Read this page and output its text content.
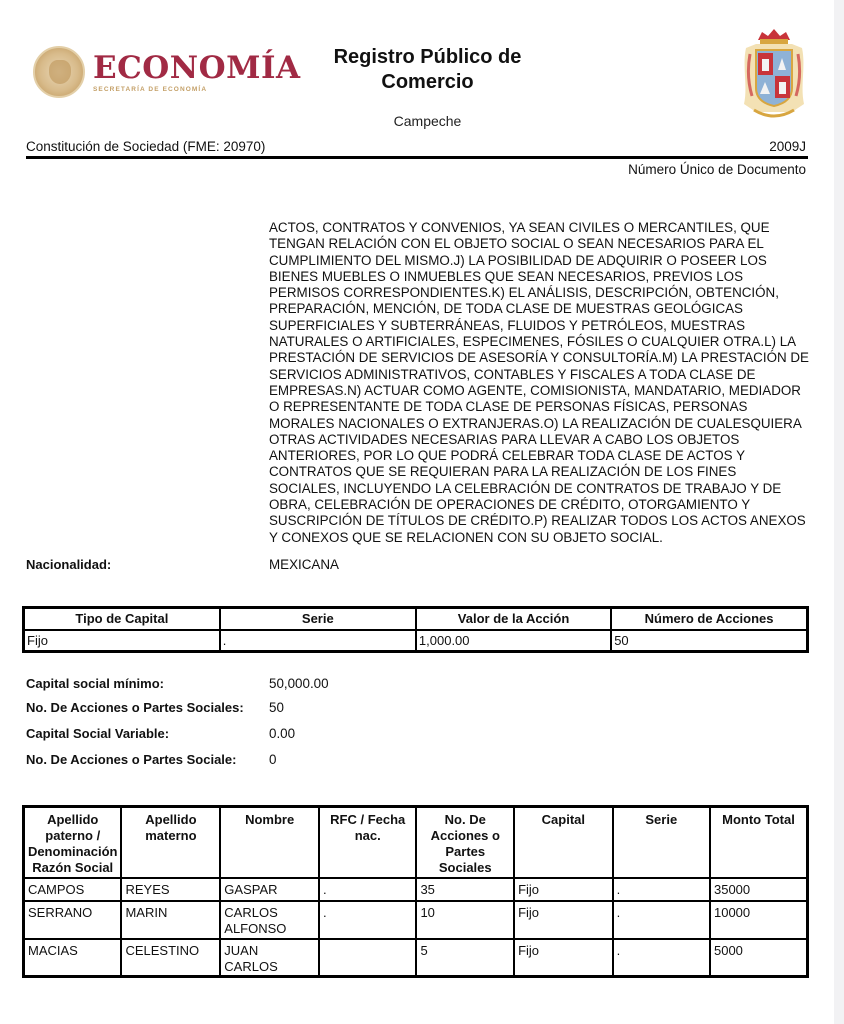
ECONOMÍA
SECRETARÍA DE ECONOMÍA
Registro Público de Comercio
Campeche
Constitución de Sociedad (FME: 20970)	2009J
Número Único de Documento
ACTOS, CONTRATOS Y CONVENIOS, YA SEAN CIVILES O MERCANTILES, QUE TENGAN RELACIÓN CON EL OBJETO SOCIAL O SEAN NECESARIOS PARA EL CUMPLIMIENTO DEL MISMO.J) LA POSIBILIDAD DE ADQUIRIR O POSEER LOS BIENES MUEBLES O INMUEBLES QUE SEAN NECESARIOS, PREVIOS LOS PERMISOS CORRESPONDIENTES.K) EL ANÁLISIS, DESCRIPCIÓN, OBTENCIÓN, PREPARACIÓN, MENCIÓN, DE TODA CLASE DE MUESTRAS GEOLÓGICAS SUPERFICIALES Y SUBTERRÁNEAS, FLUIDOS Y PETRÓLEOS, MUESTRAS NATURALES O ARTIFICIALES, ESPECIMENES, FÓSILES O CUALQUIER OTRA.L) LA PRESTACIÓN DE SERVICIOS DE ASESORÍA Y CONSULTORÍA.M) LA PRESTACIÓN DE SERVICIOS ADMINISTRATIVOS, CONTABLES Y FISCALES A TODA CLASE DE EMPRESAS.N) ACTUAR COMO AGENTE, COMISIONISTA, MANDATARIO, MEDIADOR O REPRESENTANTE DE TODA CLASE DE PERSONAS FÍSICAS, PERSONAS MORALES NACIONALES O EXTRANJERAS.O) LA REALIZACIÓN DE CUALESQUIERA OTRAS ACTIVIDADES NECESARIAS PARA LLEVAR A CABO LOS OBJETOS ANTERIORES, POR LO QUE PODRÁ CELEBRAR TODA CLASE DE ACTOS Y CONTRATOS QUE SE REQUIERAN PARA LA REALIZACIÓN DE LOS FINES SOCIALES, INCLUYENDO LA CELEBRACIÓN DE CONTRATOS DE TRABAJO Y DE OBRA, CELEBRACIÓN DE OPERACIONES DE CRÉDITO, OTORGAMIENTO Y SUSCRIPCIÓN DE TÍTULOS DE CRÉDITO.P) REALIZAR TODOS LOS ACTOS ANEXOS Y CONEXOS QUE SE RELACIONEN CON SU OBJETO SOCIAL.
Nacionalidad:	MEXICANA
Tipo de Capital	Serie	Valor de la Acción	Número de Acciones
Fijo	.	1,000.00	50
Capital social mínimo:	50,000.00
No. De Acciones o Partes Sociales: 50
Capital Social Variable:	0.00
No. De Acciones o Partes Sociale: 0
Apellido paterno / Denominación Razón Social	Apellido materno	Nombre	RFC / Fecha nac.	No. De Acciones o Partes Sociales	Capital	Serie	Monto Total
CAMPOS	REYES	GASPAR	.	35	Fijo	.	35000
SERRANO	MARIN	CARLOS ALFONSO	.	10	Fijo	.	10000
MACIAS	CELESTINO	JUAN CARLOS		5	Fijo	.	5000
